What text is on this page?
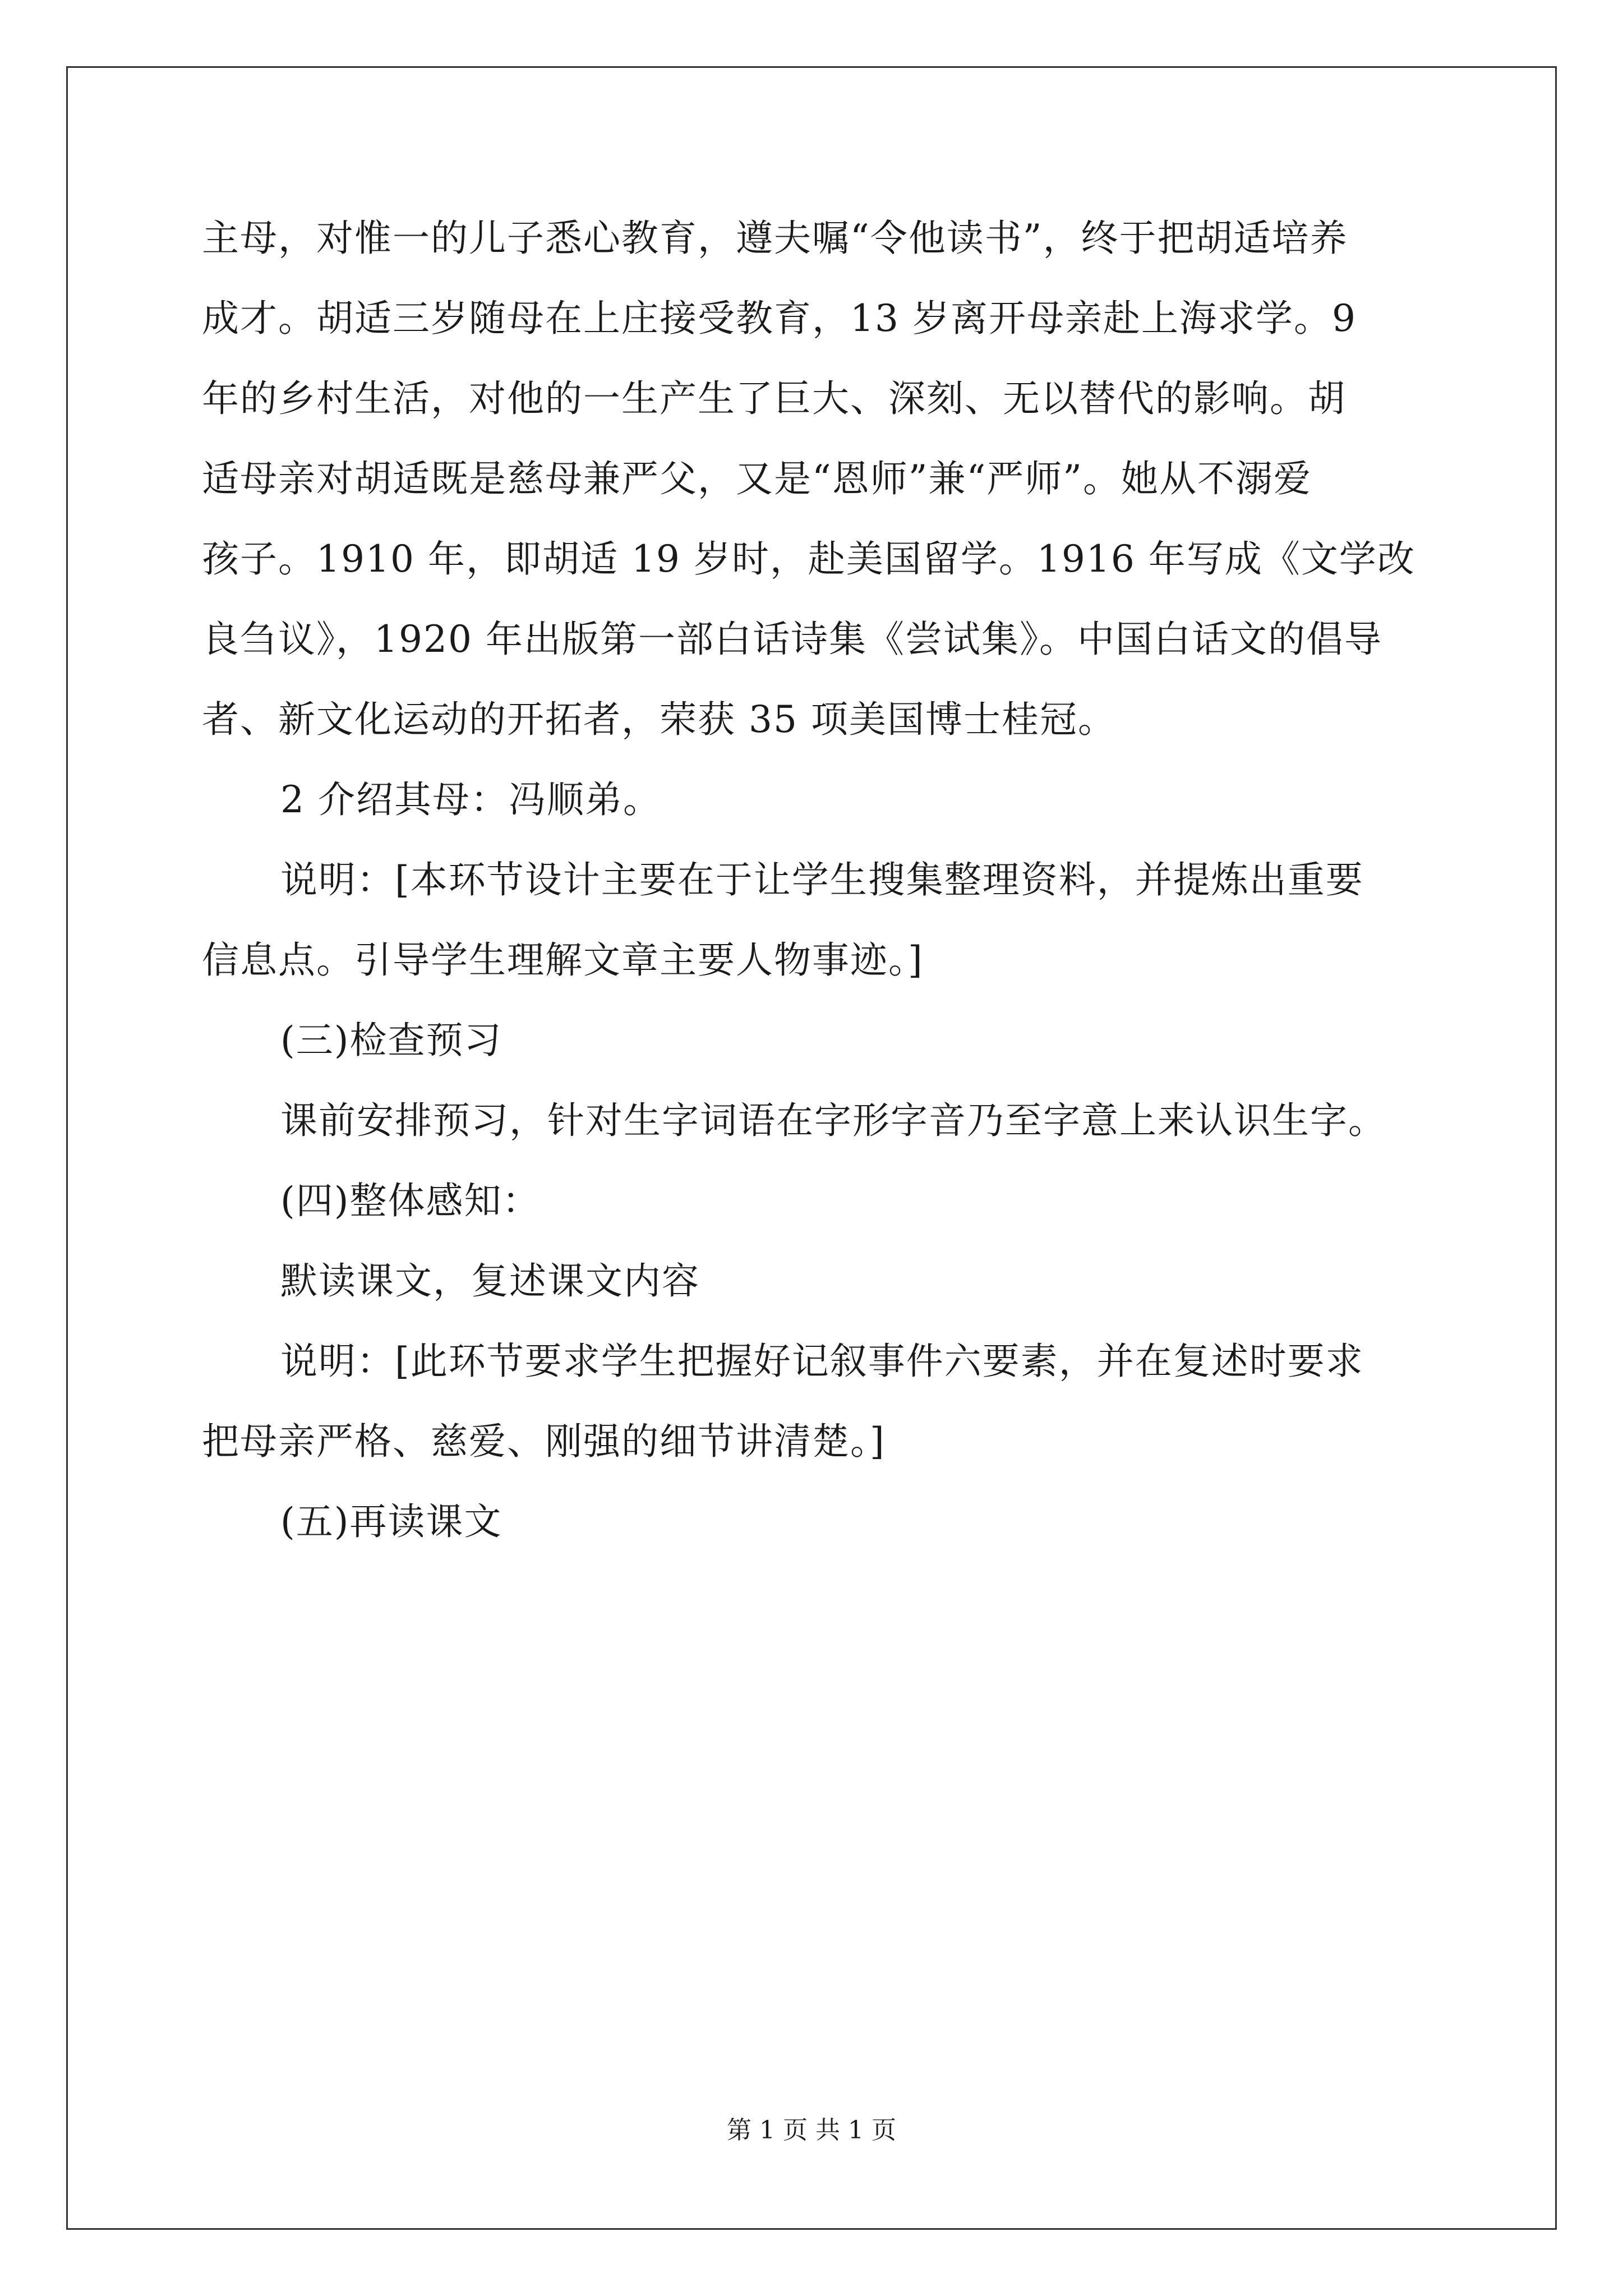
主母，对惟一的儿子悉心教育，遵夫嘱“令他读书”，终于把胡适培养
成才。胡适三岁随母在上庄接受教育，13 岁离开母亲赴上海求学。9
年的乡村生活，对他的一生产生了巨大、深刻、无以替代的影响。胡
适母亲对胡适既是慈母兼严父，又是“恩师”兼“严师”。她从不溺爱
孩子。1910 年，即胡适 19 岁时，赴美国留学。1916 年写成《文学改
良刍议》，1920 年出版第一部白话诗集《尝试集》。中国白话文的倡导
者、新文化运动的开拓者，荣获 35 项美国博士桂冠。
2 介绍其母：冯顺弟。
说明：[本环节设计主要在于让学生搜集整理资料，并提炼出重要
信息点。引导学生理解文章主要人物事迹。]
(三)检查预习
课前安排预习，针对生字词语在字形字音乃至字意上来认识生字。
(四)整体感知：
默读课文，复述课文内容
说明：[此环节要求学生把握好记叙事件六要素，并在复述时要求
把母亲严格、慈爱、刚强的细节讲清楚。]
(五)再读课文
第 1 页 共 1 页
